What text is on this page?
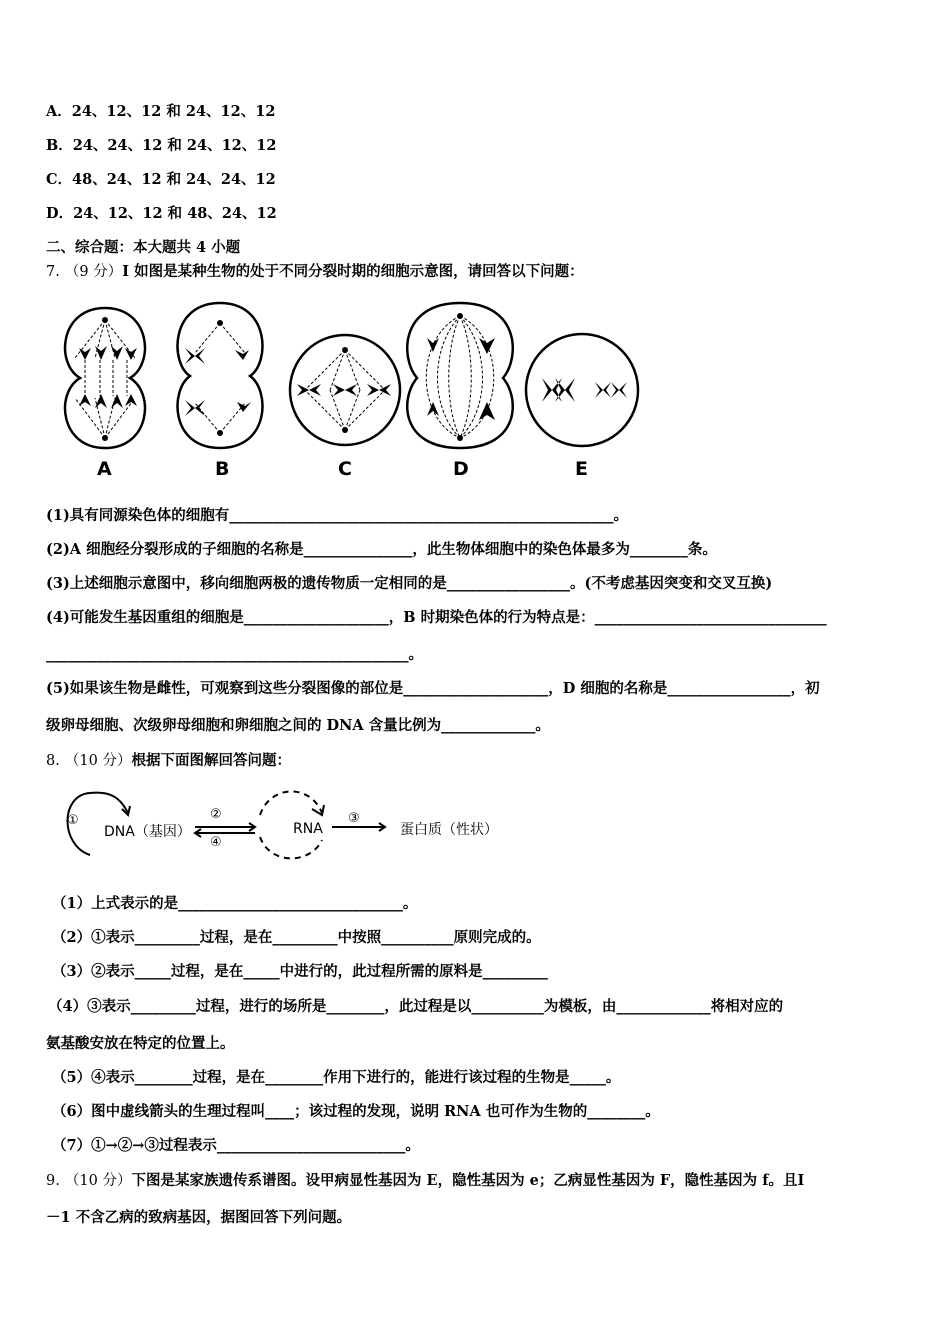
A．24、12、12 和 24、12、12
B．24、24、12 和 24、12、12
C．48、24、12 和 24、24、12
D．24、12、12 和 48、24、12
二、综合题：本大题共 4 小题
7. （9 分）I 如图是某种生物的处于不同分裂时期的细胞示意图，请回答以下问题：
A	B	C	D	E
(1)具有同源染色体的细胞有_____________________________________________________。
(2)A 细胞经分裂形成的子细胞的名称是_______________，此生物体细胞中的染色体最多为________条。
(3)上述细胞示意图中，移向细胞两极的遗传物质一定相同的是_________________。(不考虑基因突变和交叉互换)
(4)可能发生基因重组的细胞是____________________，B 时期染色体的行为特点是：________________________________
__________________________________________________。
(5)如果该生物是雌性，可观察到这些分裂图像的部位是____________________，D 细胞的名称是_________________，初
级卵母细胞、次级卵母细胞和卵细胞之间的 DNA 含量比例为_____________。
8. （10 分）根据下面图解回答问题：
①
DNA（基因）
②
④
RNA
③
蛋白质（性状）
（1）上式表示的是_______________________________。
（2）①表示_________过程，是在_________中按照__________原则完成的。
（3）②表示_____过程，是在_____中进行的，此过程所需的原料是_________
（4）③表示_________过程，进行的场所是________，此过程是以__________为模板，由_____________将相对应的
氨基酸安放在特定的位置上。
（5）④表示________过程，是在________作用下进行的，能进行该过程的生物是_____。
（6）图中虚线箭头的生理过程叫____；该过程的发现，说明 RNA 也可作为生物的________。
（7）①→②→③过程表示__________________________。
9. （10 分）下图是某家族遗传系谱图。设甲病显性基因为 E，隐性基因为 e；乙病显性基因为 F，隐性基因为 f。且Ⅰ
－1 不含乙病的致病基因，据图回答下列问题。
